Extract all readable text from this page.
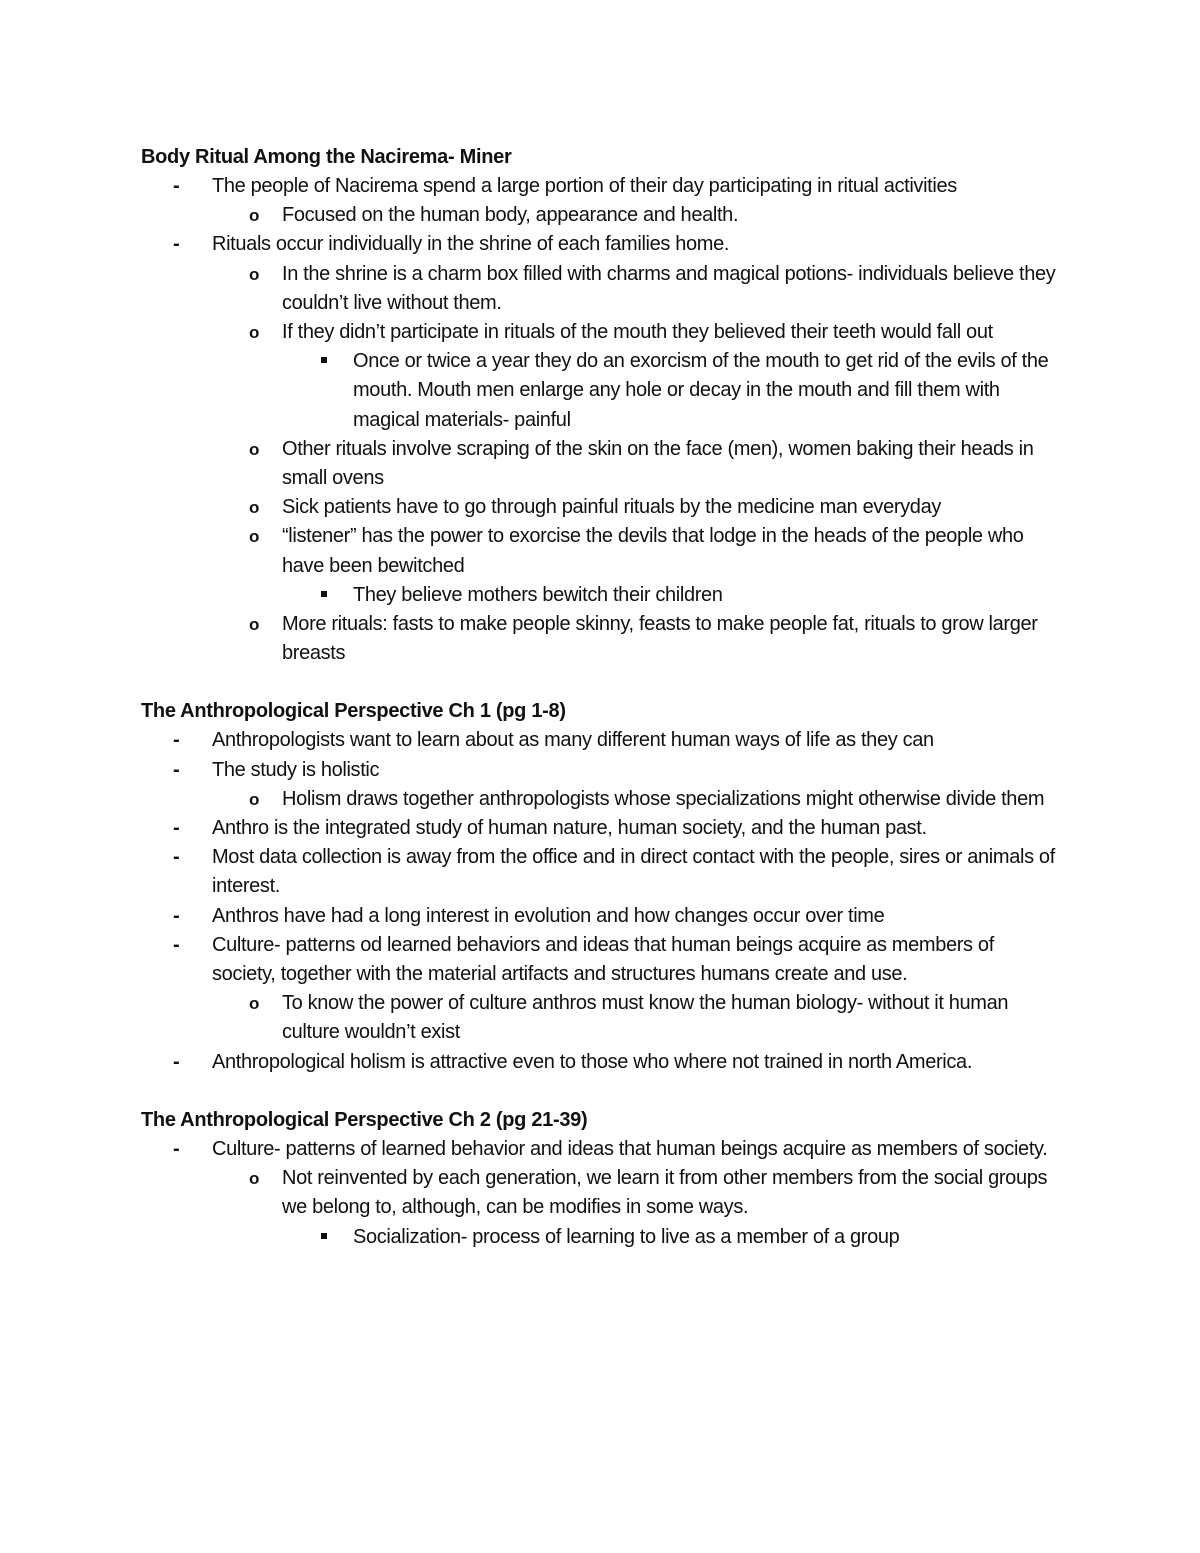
Body Ritual Among the Nacirema- Miner
- The people of Nacirema spend a large portion of their day participating in ritual activities
o Focused on the human body, appearance and health.
- Rituals occur individually in the shrine of each families home.
o In the shrine is a charm box filled with charms and magical potions- individuals believe they couldn’t live without them.
o If they didn’t participate in rituals of the mouth they believed their teeth would fall out
Once or twice a year they do an exorcism of the mouth to get rid of the evils of the mouth. Mouth men enlarge any hole or decay in the mouth and fill them with magical materials- painful
o Other rituals involve scraping of the skin on the face (men), women baking their heads in small ovens
o Sick patients have to go through painful rituals by the medicine man everyday
o “listener” has the power to exorcise the devils that lodge in the heads of the people who have been bewitched
They believe mothers bewitch their children
o More rituals: fasts to make people skinny, feasts to make people fat, rituals to grow larger breasts
The Anthropological Perspective Ch 1 (pg 1-8)
- Anthropologists want to learn about as many different human ways of life as they can
- The study is holistic
o Holism draws together anthropologists whose specializations might otherwise divide them
- Anthro is the integrated study of human nature, human society, and the human past.
- Most data collection is away from the office and in direct contact with the people, sires or animals of interest.
- Anthros have had a long interest in evolution and how changes occur over time
- Culture- patterns od learned behaviors and ideas that human beings acquire as members of society, together with the material artifacts and structures humans create and use.
o To know the power of culture anthros must know the human biology- without it human culture wouldn’t exist
- Anthropological holism is attractive even to those who where not trained in north America.
The Anthropological Perspective Ch 2 (pg 21-39)
- Culture- patterns of learned behavior and ideas that human beings acquire as members of society.
o Not reinvented by each generation, we learn it from other members from the social groups we belong to, although, can be modifies in some ways.
Socialization- process of learning to live as a member of a group
